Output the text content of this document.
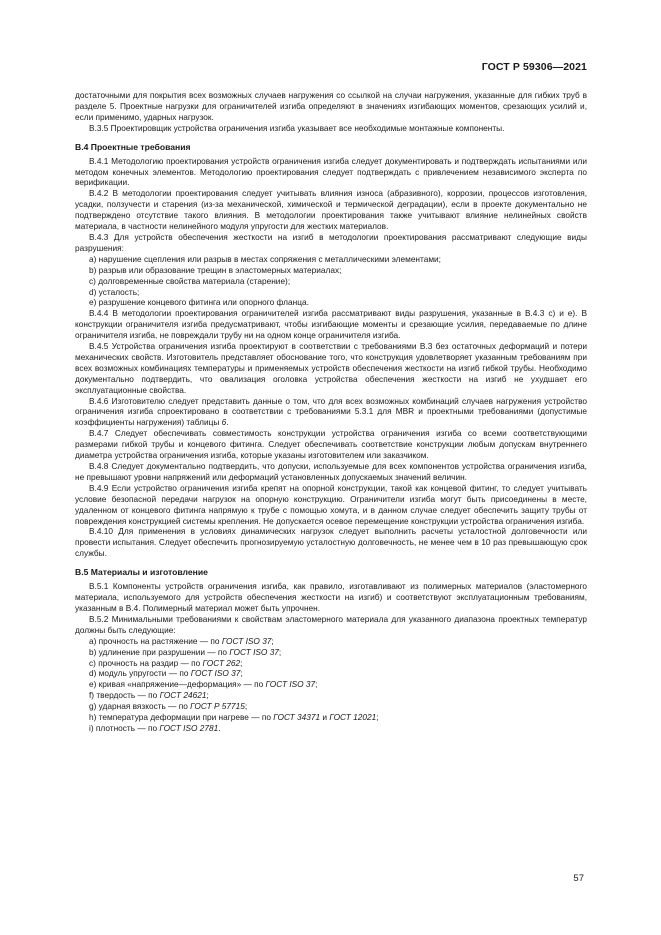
ГОСТ Р 59306—2021

достаточными для покрытия всех возможных случаев нагружения со ссылкой на случаи нагружения, указанные для гибких труб в разделе 5. Проектные нагрузки для ограничителей изгиба определяют в значениях изгибающих моментов, срезающих усилий и, если применимо, ударных нагрузок.

В.3.5 Проектировщик устройства ограничения изгиба указывает все необходимые монтажные компоненты.

В.4 Проектные требования

В.4.1 Методологию проектирования устройств ограничения изгиба следует документировать и подтверждать испытаниями или методом конечных элементов. Методологию проектирования следует подтверждать с привлечением независимого эксперта по верификации.

В.4.2 В методологии проектирования следует учитывать влияния износа (абразивного), коррозии, процессов изготовления, усадки, ползучести и старения (из-за механической, химической и термической деградации), если в проекте документально не подтверждено отсутствие такого влияния. В методологии проектирования также учитывают влияние нелинейных свойств материала, в частности нелинейного модуля упругости для жестких материалов.

В.4.3 Для устройств обеспечения жесткости на изгиб в методологии проектирования рассматривают следующие виды разрушения:

a) нарушение сцепления или разрыв в местах сопряжения с металлическими элементами;

b) разрыв или образование трещин в эластомерных материалах;

c) долговременные свойства материала (старение);

d) усталость;

e) разрушение концевого фитинга или опорного фланца.

В.4.4 В методологии проектирования ограничителей изгиба рассматривают виды разрушения, указанные в В.4.3 c) и e). В конструкции ограничителя изгиба предусматривают, чтобы изгибающие моменты и срезающие усилия, передаваемые по длине ограничителя изгиба, не повреждали трубу ни на одном конце ограничителя изгиба.

В.4.5 Устройства ограничения изгиба проектируют в соответствии с требованиями В.3 без остаточных деформаций и потери механических свойств. Изготовитель представляет обоснование того, что конструкция удовлетворяет указанным требованиям при всех возможных комбинациях температуры и применяемых устройств обеспечения жесткости на изгиб гибкой трубы. Необходимо документально подтвердить, что овализация оголовка устройства обеспечения жесткости на изгиб не ухудшает его эксплуатационные свойства.

В.4.6 Изготовителю следует представить данные о том, что для всех возможных комбинаций случаев нагружения устройство ограничения изгиба спроектировано в соответствии с требованиями 5.3.1 для MBR и проектными требованиями (допустимые коэффициенты нагружения) таблицы 6.

В.4.7 Следует обеспечивать совместимость конструкции устройства ограничения изгиба со всеми соответствующими размерами гибкой трубы и концевого фитинга. Следует обеспечивать соответствие конструкции любым допускам внутреннего диаметра устройства ограничения изгиба, которые указаны изготовителем или заказчиком.

В.4.8 Следует документально подтвердить, что допуски, используемые для всех компонентов устройства ограничения изгиба, не превышают уровни напряжений или деформаций установленных допускаемых значений величин.

В.4.9 Если устройство ограничения изгиба крепят на опорной конструкции, такой как концевой фитинг, то следует учитывать условие безопасной передачи нагрузок на опорную конструкцию. Ограничители изгиба могут быть присоединены в месте, удаленном от концевого фитинга напрямую к трубе с помощью хомута, и в данном случае следует обеспечить защиту трубы от повреждения конструкцией системы крепления. Не допускается осевое перемещение конструкции устройства ограничения изгиба.

В.4.10 Для применения в условиях динамических нагрузок следует выполнить расчеты усталостной долговечности или провести испытания. Следует обеспечить прогнозируемую усталостную долговечность, не менее чем в 10 раз превышающую срок службы.

В.5 Материалы и изготовление

В.5.1 Компоненты устройств ограничения изгиба, как правило, изготавливают из полимерных материалов (эластомерного материала, используемого для устройств обеспечения жесткости на изгиб) и соответствуют эксплуатационным требованиям, указанным в В.4. Полимерный материал может быть упрочнен.

В.5.2 Минимальными требованиями к свойствам эластомерного материала для указанного диапазона проектных температур должны быть следующие:

a) прочность на растяжение — по ГОСТ ISO 37;

b) удлинение при разрушении — по ГОСТ ISO 37;

c) прочность на раздир — по ГОСТ 262;

d) модуль упругости — по ГОСТ ISO 37;

e) кривая «напряжение—деформация» — по ГОСТ ISO 37;

f) твердость — по ГОСТ 24621;

g) ударная вязкость — по ГОСТ Р 57715;

h) температура деформации при нагреве — по ГОСТ 34371 и ГОСТ 12021;

i) плотность — по ГОСТ ISO 2781.

57
